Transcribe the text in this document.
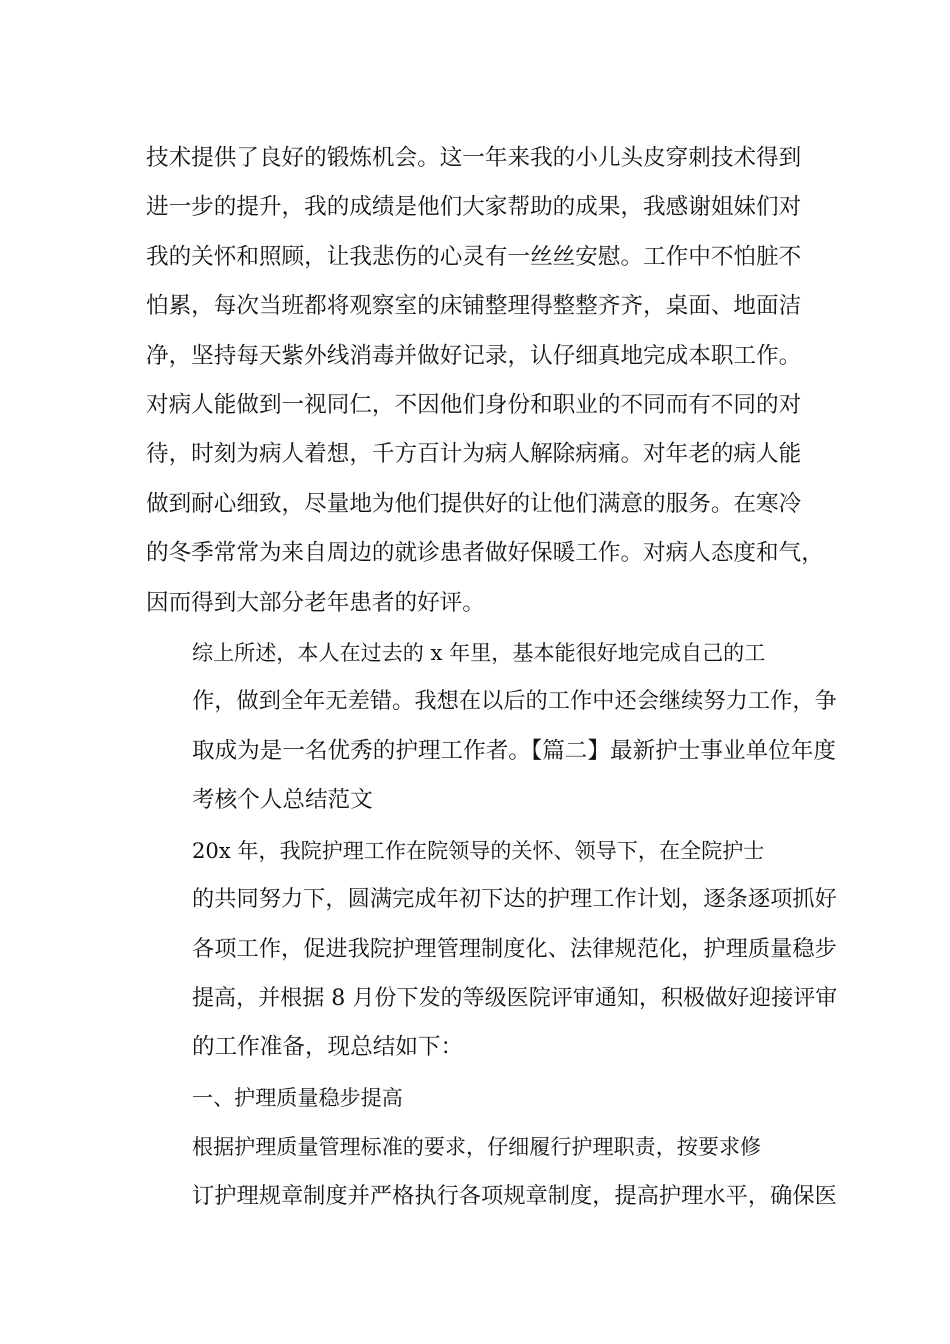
技术提供了良好的锻炼机会。这一年来我的小儿头皮穿刺技术得到
进一步的提升，我的成绩是他们大家帮助的成果，我感谢姐妹们对
我的关怀和照顾，让我悲伤的心灵有一丝丝安慰。工作中不怕脏不
怕累，每次当班都将观察室的床铺整理得整整齐齐，桌面、地面洁
净，坚持每天紫外线消毒并做好记录，认仔细真地完成本职工作。
对病人能做到一视同仁，不因他们身份和职业的不同而有不同的对
待，时刻为病人着想，千方百计为病人解除病痛。对年老的病人能
做到耐心细致，尽量地为他们提供好的让他们满意的服务。在寒冷
的冬季常常为来自周边的就诊患者做好保暖工作。对病人态度和气，
因而得到大部分老年患者的好评。

综上所述，本人在过去的 x 年里，基本能很好地完成自己的工
作，做到全年无差错。我想在以后的工作中还会继续努力工作，争
取成为是一名优秀的护理工作者。【篇二】最新护士事业单位年度
考核个人总结范文

20x 年，我院护理工作在院领导的关怀、领导下，在全院护士
的共同努力下，圆满完成年初下达的护理工作计划，逐条逐项抓好
各项工作，促进我院护理管理制度化、法律规范化，护理质量稳步
提高，并根据 8 月份下发的等级医院评审通知，积极做好迎接评审
的工作准备，现总结如下：

一、护理质量稳步提高

根据护理质量管理标准的要求，仔细履行护理职责，按要求修
订护理规章制度并严格执行各项规章制度，提高护理水平，确保医
